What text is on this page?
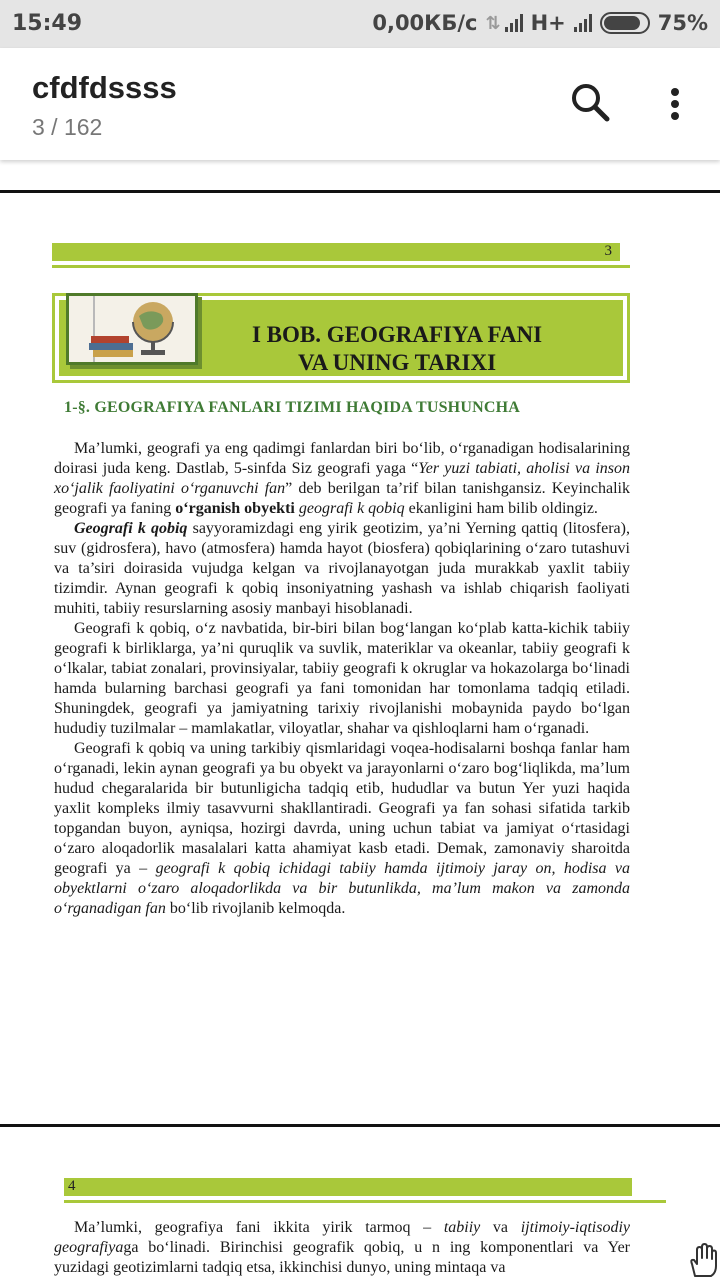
15:49	0,00КБ/с ⇅ H+	75%
cfdfdssss
3 / 162
3
I BOB. GEOGRAFIYA FANI
VA UNING TARIXI
1-§. GEOGRAFIYA FANLARI TIZIMI HAQIDA TUSHUNCHA

Ma’lumki, geografi ya eng qadimgi fanlardan biri bo‘lib, o‘rganadigan hodisalarining doirasi juda keng. Dastlab, 5-sinfda Siz geografi yaga “Yer yuzi tabiati, aholisi va inson xo‘jalik faoliyatini o‘rganuvchi fan” deb berilgan ta’rif bilan tanishgansiz. Keyinchalik geografi ya faning o‘rganish obyekti geografi k qobiq ekanligini ham bilib oldingiz.

Geografi k qobiq sayyoramizdagi eng yirik geotizim, ya’ni Yerning qattiq (litosfera), suv (gidrosfera), havo (atmosfera) hamda hayot (biosfera) qobiqlarining o‘zaro tutashuvi va ta’siri doirasida vujudga kelgan va rivojlanayotgan juda murakkab yaxlit tabiiy tizimdir. Aynan geografi k qobiq insoniyatning yashash va ishlab chiqarish faoliyati muhiti, tabiiy resurslarning asosiy manbayi hisoblanadi.

Geografi k qobiq, o‘z navbatida, bir-biri bilan bog‘langan ko‘plab katta-kichik tabiiy geografi k birliklarga, ya’ni quruqlik va suvlik, materiklar va okeanlar, tabiiy geografi k o‘lkalar, tabiat zonalari, provinsiyalar, tabiiy geografi k okruglar va hokazolarga bo‘linadi hamda bularning barchasi geografi ya fani tomonidan har tomonlama tadqiq etiladi. Shuningdek, geografi ya jamiyatning tarixiy rivojlanishi mobaynida paydo bo‘lgan hududiy tuzilmalar – mamlakatlar, viloyatlar, shahar va qishloqlarni ham o‘rganadi.

Geografi k qobiq va uning tarkibiy qismlaridagi voqea-hodisalarni boshqa fanlar ham o‘rganadi, lekin aynan geografi ya bu obyekt va jarayonlarni o‘zaro bog‘liqlikda, ma’lum hudud chegaralarida bir butunligicha tadqiq etib, hududlar va butun Yer yuzi haqida yaxlit kompleks ilmiy tasavvurni shakllantiradi. Geografi ya fan sohasi sifatida tarkib topgandan buyon, ayniqsa, hozirgi davrda, uning uchun tabiat va jamiyat o‘rtasidagi o‘zaro aloqadorlik masalalari katta ahamiyat kasb etadi. Demak, zamonaviy sharoitda geografi ya – geografi k qobiq ichidagi tabiiy hamda ijtimoiy jaray on, hodisa va obyektlarni o‘zaro aloqadorlikda va bir butunlikda, ma’lum makon va zamonda o‘rganadigan fan bo‘lib rivojlanib kelmoqda.

4

Ma’lumki, geografiya fani ikkita yirik tarmoq – tabiiy va ijtimoiy-iqtisodiy geografiyaga bo‘linadi. Birinchisi geografik qobiq, u n ing komponentlari va Yer yuzidagi geotizimlarni tadqiq etsa, ikkinchisi dunyo, uning mintaqa va
